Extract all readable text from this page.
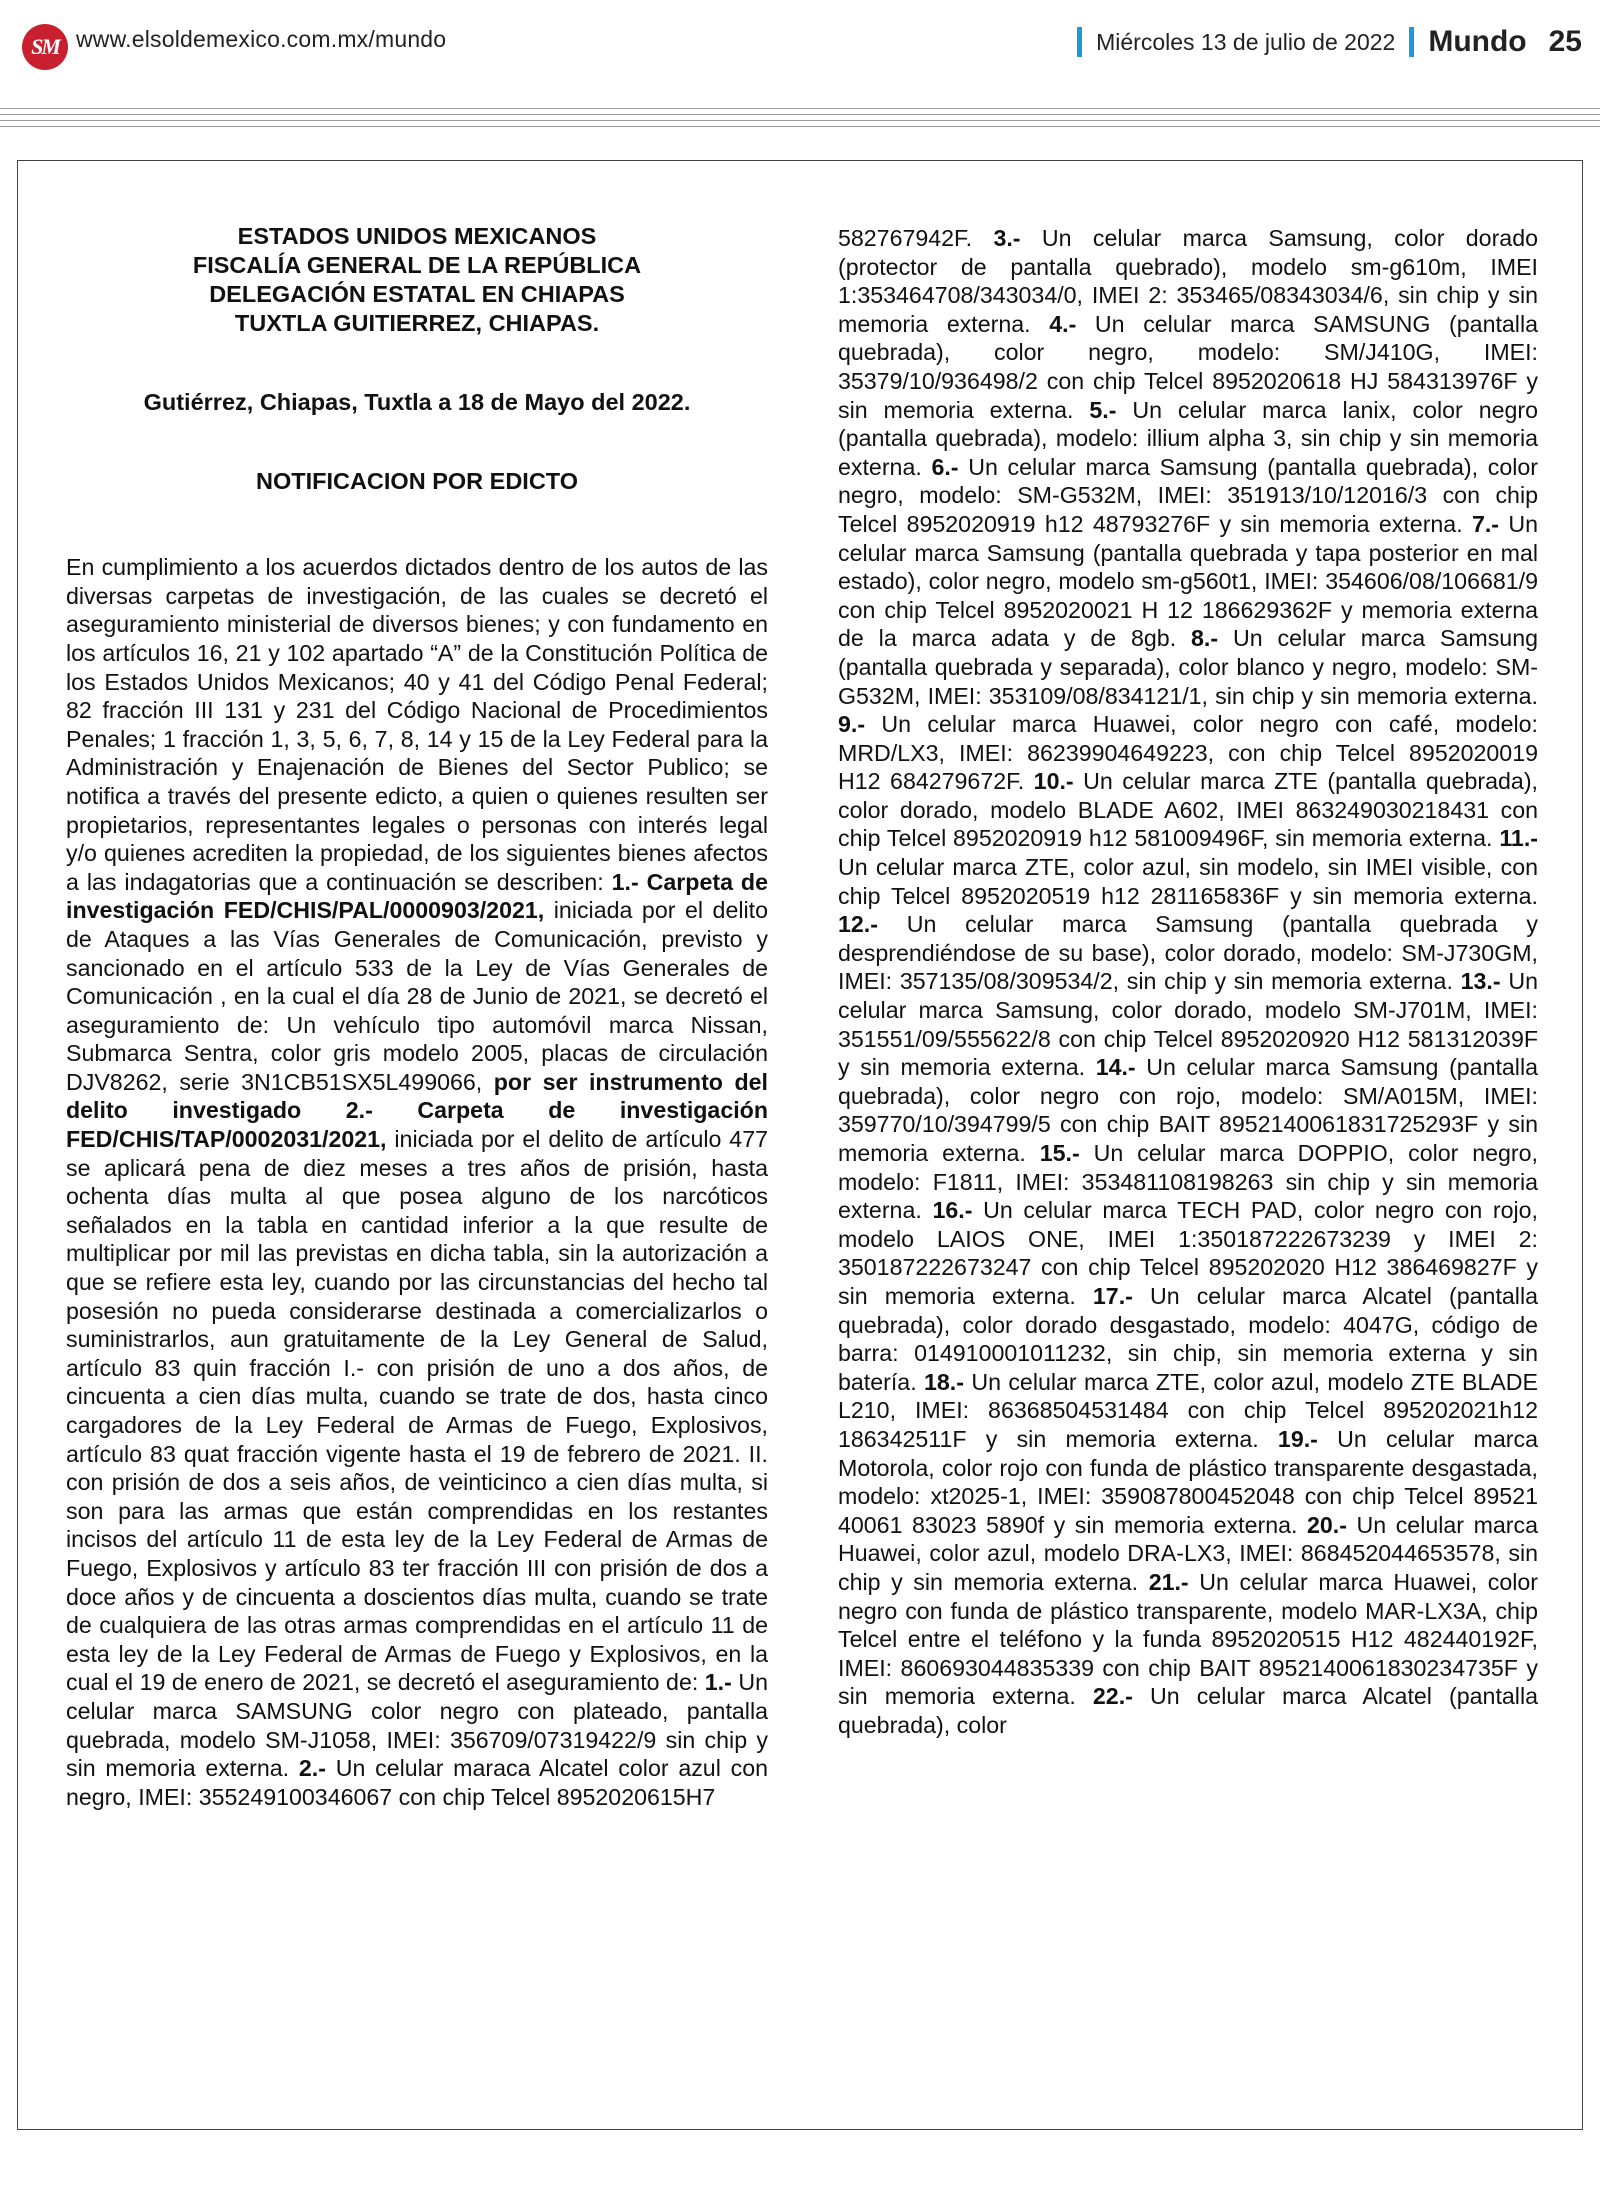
SM www.elsoldemexico.com.mx/mundo	Miércoles 13 de julio de 2022 Mundo 25
ESTADOS UNIDOS MEXICANOS
FISCALÍA GENERAL DE LA REPÚBLICA
DELEGACIÓN ESTATAL EN CHIAPAS
TUXTLA GUITIERREZ, CHIAPAS.
Gutiérrez, Chiapas, Tuxtla a 18 de Mayo del 2022.
NOTIFICACION POR EDICTO

En cumplimiento a los acuerdos dictados dentro de los autos de las diversas carpetas de investigación, de las cuales se decretó el aseguramiento ministerial de diversos bienes; y con fundamento en los artículos 16, 21 y 102 apartado “A” de la Constitución Política de los Estados Unidos Mexicanos; 40 y 41 del Código Penal Federal; 82 fracción III 131 y 231 del Código Nacional de Procedimientos Penales; 1 fracción 1, 3, 5, 6, 7, 8, 14 y 15 de la Ley Federal para la Administración y Enajenación de Bienes del Sector Publico; se notifica a través del presente edicto, a quien o quienes resulten ser propietarios, representantes legales o personas con interés legal y/o quienes acrediten la propiedad, de los siguientes bienes afectos a las indagatorias que a continuación se describen: 1.- Carpeta de investigación FED/CHIS/PAL/0000903/2021, iniciada por el delito de Ataques a las Vías Generales de Comunicación, previsto y sancionado en el artículo 533 de la Ley de Vías Generales de Comunicación , en la cual el día 28 de Junio de 2021, se decretó el aseguramiento de: Un vehículo tipo automóvil marca Nissan, Submarca Sentra, color gris modelo 2005, placas de circulación DJV8262, serie 3N1CB51SX5L499066, por ser instrumento del delito investigado 2.- Carpeta de investigación FED/CHIS/TAP/0002031/2021, iniciada por el delito de artículo 477 se aplicará pena de diez meses a tres años de prisión, hasta ochenta días multa al que posea alguno de los narcóticos señalados en la tabla en cantidad inferior a la que resulte de multiplicar por mil las previstas en dicha tabla, sin la autorización a que se refiere esta ley, cuando por las circunstancias del hecho tal posesión no pueda considerarse destinada a comercializarlos o suministrarlos, aun gratuitamente de la Ley General de Salud, artículo 83 quin fracción I.- con prisión de uno a dos años, de cincuenta a cien días multa, cuando se trate de dos, hasta cinco cargadores de la Ley Federal de Armas de Fuego, Explosivos, artículo 83 quat fracción vigente hasta el 19 de febrero de 2021. II. con prisión de dos a seis años, de veinticinco a cien días multa, si son para las armas que están comprendidas en los restantes incisos del artículo 11 de esta ley de la Ley Federal de Armas de Fuego, Explosivos y artículo 83 ter fracción III con prisión de dos a doce años y de cincuenta a doscientos días multa, cuando se trate de cualquiera de las otras armas comprendidas en el artículo 11 de esta ley de la Ley Federal de Armas de Fuego y Explosivos, en la cual el 19 de enero de 2021, se decretó el aseguramiento de: 1.- Un celular marca SAMSUNG color negro con plateado, pantalla quebrada, modelo SM-J1058, IMEI: 356709/07319422/9 sin chip y sin memoria externa. 2.- Un celular maraca Alcatel color azul con negro, IMEI: 355249100346067 con chip Telcel 8952020615H7

582767942F. 3.- Un celular marca Samsung, color dorado (protector de pantalla quebrado), modelo sm-g610m, IMEI 1:353464708/343034/0, IMEI 2: 353465/08343034/6, sin chip y sin memoria externa. 4.- Un celular marca SAMSUNG (pantalla quebrada), color negro, modelo: SM/J410G, IMEI: 35379/10/936498/2 con chip Telcel 8952020618 HJ 584313976F y sin memoria externa. 5.- Un celular marca lanix, color negro (pantalla quebrada), modelo: illium alpha 3, sin chip y sin memoria externa. 6.- Un celular marca Samsung (pantalla quebrada), color negro, modelo: SM-G532M, IMEI: 351913/10/12016/3 con chip Telcel 8952020919 h12 48793276F y sin memoria externa. 7.- Un celular marca Samsung (pantalla quebrada y tapa posterior en mal estado), color negro, modelo sm-g560t1, IMEI: 354606/08/106681/9 con chip Telcel 8952020021 H 12 186629362F y memoria externa de la marca adata y de 8gb. 8.- Un celular marca Samsung (pantalla quebrada y separada), color blanco y negro, modelo: SM-G532M, IMEI: 353109/08/834121/1, sin chip y sin memoria externa. 9.- Un celular marca Huawei, color negro con café, modelo: MRD/LX3, IMEI: 86239904649223, con chip Telcel 8952020019 H12 684279672F. 10.- Un celular marca ZTE (pantalla quebrada), color dorado, modelo BLADE A602, IMEI 863249030218431 con chip Telcel 8952020919 h12 581009496F, sin memoria externa. 11.- Un celular marca ZTE, color azul, sin modelo, sin IMEI visible, con chip Telcel 8952020519 h12 281165836F y sin memoria externa. 12.- Un celular marca Samsung (pantalla quebrada y desprendiéndose de su base), color dorado, modelo: SM-J730GM, IMEI: 357135/08/309534/2, sin chip y sin memoria externa. 13.- Un celular marca Samsung, color dorado, modelo SM-J701M, IMEI: 351551/09/555622/8 con chip Telcel 8952020920 H12 581312039F y sin memoria externa. 14.- Un celular marca Samsung (pantalla quebrada), color negro con rojo, modelo: SM/A015M, IMEI: 359770/10/394799/5 con chip BAIT 8952140061831725293F y sin memoria externa. 15.- Un celular marca DOPPIO, color negro, modelo: F1811, IMEI: 353481108198263 sin chip y sin memoria externa. 16.- Un celular marca TECH PAD, color negro con rojo, modelo LAIOS ONE, IMEI 1:350187222673239 y IMEI 2: 350187222673247 con chip Telcel 895202020 H12 386469827F y sin memoria externa. 17.- Un celular marca Alcatel (pantalla quebrada), color dorado desgastado, modelo: 4047G, código de barra: 014910001011232, sin chip, sin memoria externa y sin batería. 18.- Un celular marca ZTE, color azul, modelo ZTE BLADE L210, IMEI: 86368504531484 con chip Telcel 895202021h12 186342511F y sin memoria externa. 19.- Un celular marca Motorola, color rojo con funda de plástico transparente desgastada, modelo: xt2025-1, IMEI: 359087800452048 con chip Telcel 89521 40061 83023 5890f y sin memoria externa. 20.- Un celular marca Huawei, color azul, modelo DRA-LX3, IMEI: 868452044653578, sin chip y sin memoria externa. 21.- Un celular marca Huawei, color negro con funda de plástico transparente, modelo MAR-LX3A, chip Telcel entre el teléfono y la funda 8952020515 H12 482440192F, IMEI: 860693044835339 con chip BAIT 8952140061830234735F y sin memoria externa. 22.- Un celular marca Alcatel (pantalla quebrada), color
